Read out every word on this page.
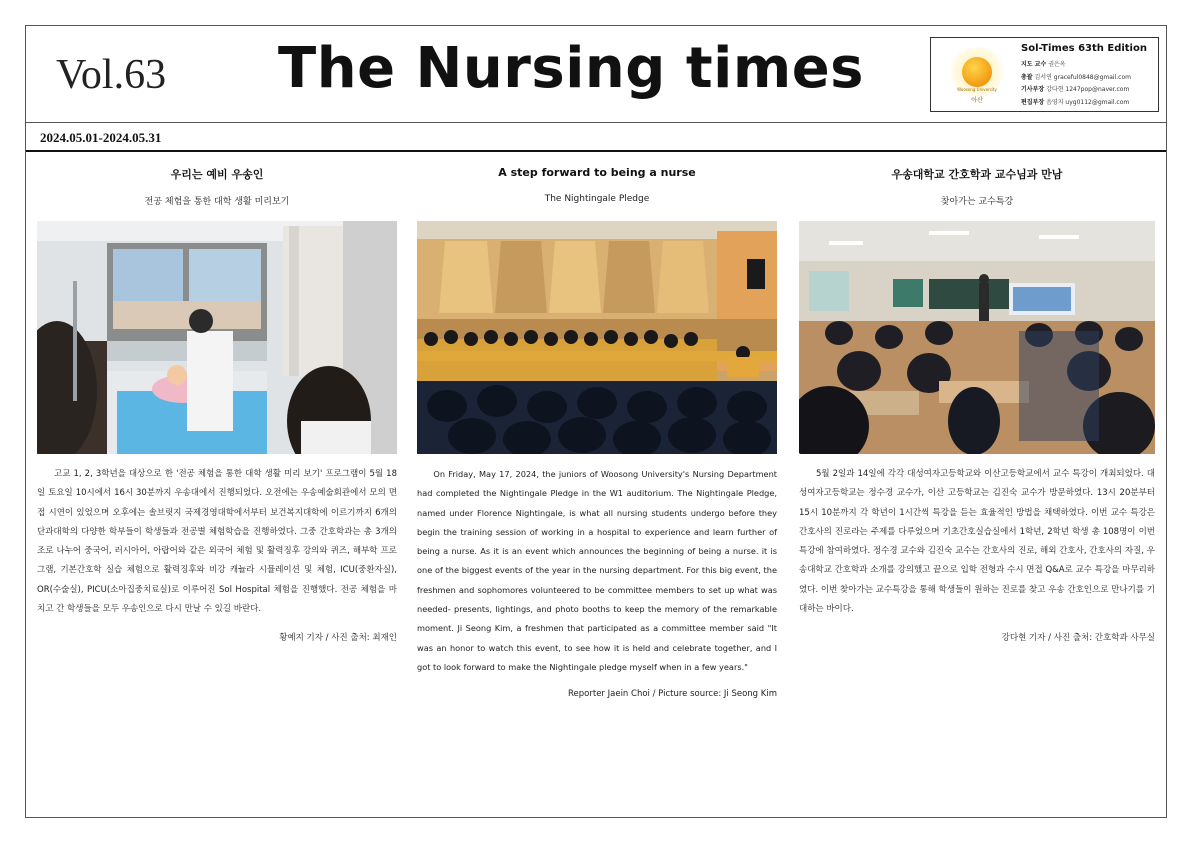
Vol.63 The Nursing times	Woosong University
아산
Sol-Times 63th Edition
지도 교수 권은옥
총괄 김서연 graceful0848@gmail.com
기사부장 강다현 1247pop@naver.com
편집부장 음영지 uyg0112@gmail.com
2024.05.01-2024.05.31
우리는 예비 우송인
전공 체험을 통한 대학 생활 미리보기
고교 1, 2, 3학년을 대상으로 한 '전공 체험을 통한 대학 생활 미리 보기' 프로그램이 5월 18일 토요일 10시에서 16시 30분까지 우송대에서 진행되었다. 오전에는 우송예술회관에서 모의 면접 시연이 있었으며 오후에는 솔브릿지 국제경영대학에서부터 보건복지대학에 이르기까지 6개의 단과대학의 다양한 학부들이 학생들과 전공별 체험학습을 진행하였다. 그중 간호학과는 총 3개의 조로 나누어 중국어, 러시아어, 아랍어와 같은 외국어 체험 및 활력징후 강의와 퀴즈, 해부학 프로그램, 기본간호학 실습 체험으로 활력징후와 비강 캐뉼라 시뮬레이션 및 체험, ICU(중환자실), OR(수술실), PICU(소아집중치료실)로 이루어진 Sol Hospital 체험을 진행했다. 전공 체험을 마치고 간 학생들을 모두 우송인으로 다시 만날 수 있길 바란다.
황예지 기자 / 사진 출처: 최재인
A step forward to being a nurse
The Nightingale Pledge
On Friday, May 17, 2024, the juniors of Woosong University's Nursing Department had completed the Nightingale Pledge in the W1 auditorium. The Nightingale Pledge, named under Florence Nightingale, is what all nursing students undergo before they begin the training session of working in a hospital to experience and learn further of being a nurse. As it is an event which announces the beginning of being a nurse. it is one of the biggest events of the year in the nursing department. For this big event, the freshmen and sophomores volunteered to be committee members to set up what was needed- presents, lightings, and photo booths to keep the memory of the remarkable moment. Ji Seong Kim, a freshmen that participated as a committee member said "It was an honor to watch this event, to see how it is held and celebrate together, and I got to look forward to make the Nightingale pledge myself when in a few years."
Reporter Jaein Choi / Picture source: Ji Seong Kim
우송대학교 간호학과 교수님과 만남
찾아가는 교수특강
5월 2일과 14일에 각각 대성여자고등학교와 이산고등학교에서 교수 특강이 개최되었다. 대성여자고등학교는 정수경 교수가, 이산 고등학교는 김진숙 교수가 방문하였다. 13시 20분부터 15시 10분까지 각 학년이 1시간씩 특강을 듣는 효율적인 방법을 채택하였다. 이번 교수 특강은 간호사의 진로라는 주제를 다루었으며 기초간호실습실에서 1학년, 2학년 학생 총 108명이 이번 특강에 참여하였다. 정수경 교수와 김진숙 교수는 간호사의 진로, 해외 간호사, 간호사의 자질, 우송대학교 간호학과 소개를 강의했고 끝으로 입학 전형과 수시 면접 Q&A로 교수 특강을 마무리하였다. 이번 찾아가는 교수특강을 통해 학생들이 원하는 진로를 찾고 우송 간호인으로 만나기를 기대하는 바이다.
강다현 기자 / 사진 출처: 간호학과 사무실
